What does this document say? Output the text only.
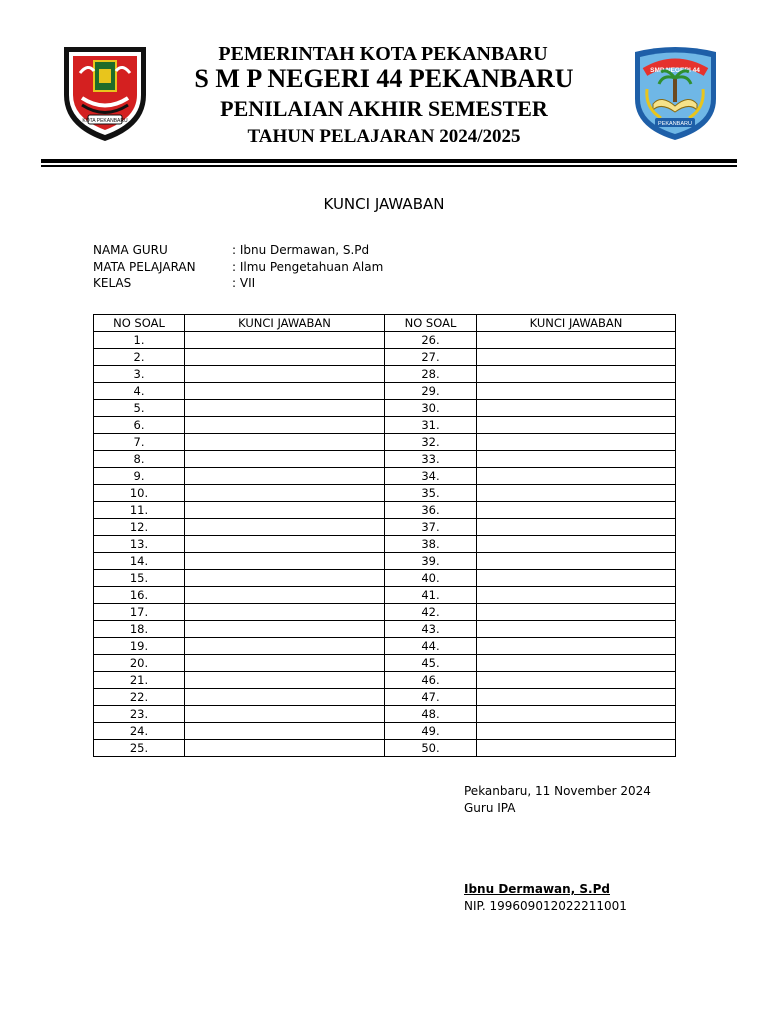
KOTA PEKANBARU
PEMERINTAH KOTA PEKANBARU
S M P NEGERI 44 PEKANBARU
PENILAIAN AKHIR SEMESTER
TAHUN PELAJARAN 2024/2025
SMP NEGERI 44
PEKANBARU
KUNCI JAWABAN
NAMA GURU	: Ibnu Dermawan, S.Pd
MATA PELAJARAN	: Ilmu Pengetahuan Alam
KELAS	: VII
NO SOAL	KUNCI JAWABAN	NO SOAL	KUNCI JAWABAN
1.		26.	
2.		27.	
3.		28.	
4.		29.	
5.		30.	
6.		31.	
7.		32.	
8.		33.	
9.		34.	
10.		35.	
11.		36.	
12.		37.	
13.		38.	
14.		39.	
15.		40.	
16.		41.	
17.		42.	
18.		43.	
19.		44.	
20.		45.	
21.		46.	
22.		47.	
23.		48.	
24.		49.	
25.		50.	
Pekanbaru, 11 November 2024
Guru IPA
Ibnu Dermawan, S.Pd
NIP. 199609012022211001
